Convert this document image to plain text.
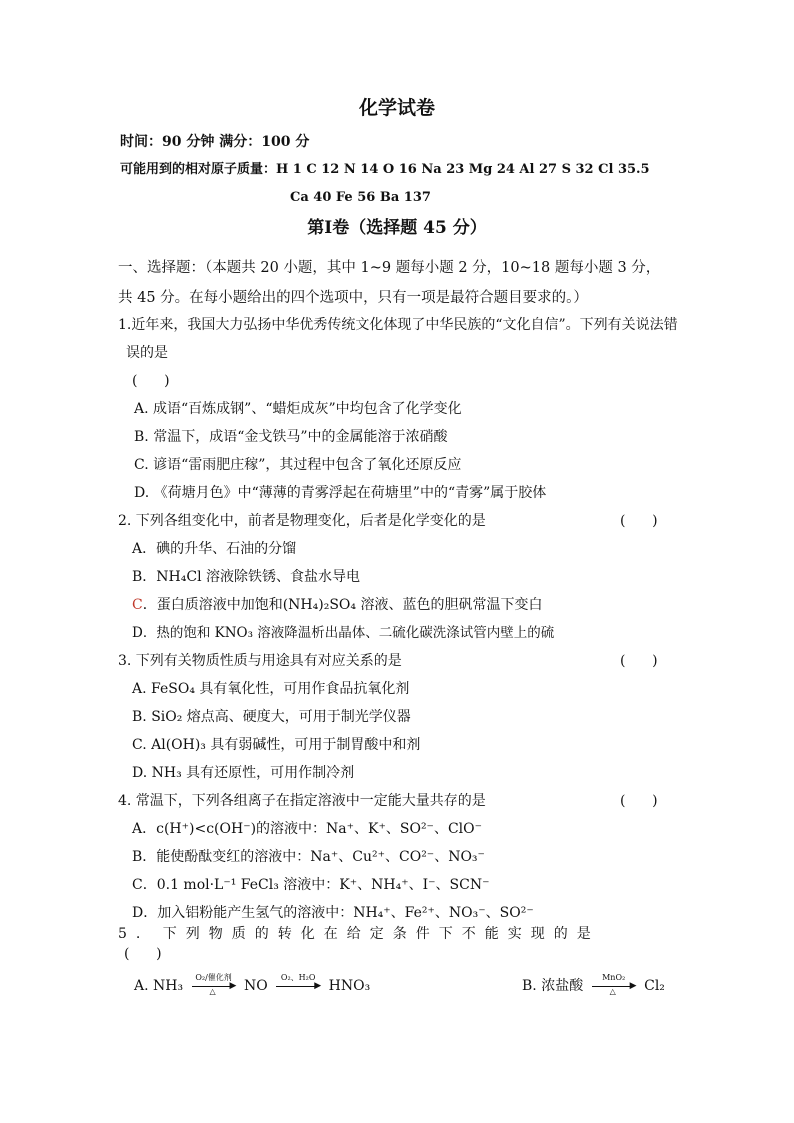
化学试卷
时间：90 分钟 满分：100 分
可能用到的相对原子质量：H 1 C 12 N 14 O 16 Na 23 Mg 24 Al 27 S 32 Cl 35.5
Ca 40 Fe 56 Ba 137
第Ⅰ卷（选择题 45 分）
一、选择题：（本题共 20 小题，其中 1~9 题每小题 2 分，10~18 题每小题 3 分，
共 45 分。在每小题给出的四个选项中，只有一项是最符合题目要求的。）
1.近年来，我国大力弘扬中华优秀传统文化体现了中华民族的“文化自信”。下列有关说法错
误的是
(      )
A. 成语“百炼成钢”、“蜡炬成灰”中均包含了化学变化
B. 常温下，成语“金戈铁马”中的金属能溶于浓硝酸
C. 谚语“雷雨肥庄稼”，其过程中包含了氧化还原反应
D. 《荷塘月色》中“薄薄的青雾浮起在荷塘里”中的“青雾”属于胶体
2. 下列各组变化中，前者是物理变化，后者是化学变化的是	(      )
A．碘的升华、石油的分馏
B．NH₄Cl 溶液除铁锈、食盐水导电
C．蛋白质溶液中加饱和(NH₄)₂SO₄ 溶液、蓝色的胆矾常温下变白
D．热的饱和 KNO₃ 溶液降温析出晶体、二硫化碳洗涤试管内壁上的硫
3. 下列有关物质性质与用途具有对应关系的是	(      )
A. FeSO₄ 具有氧化性，可用作食品抗氧化剂
B. SiO₂ 熔点高、硬度大，可用于制光学仪器
C. Al(OH)₃ 具有弱碱性，可用于制胃酸中和剂
D. NH₃ 具有还原性，可用作制冷剂
4. 常温下，下列各组离子在指定溶液中一定能大量共存的是	(      )
A．c(H⁺)<c(OH⁻)的溶液中：Na⁺、K⁺、SO²⁻、ClO⁻
B．能使酚酞变红的溶液中：Na⁺、Cu²⁺、CO²⁻、NO₃⁻
C．0.1 mol·L⁻¹ FeCl₃ 溶液中：K⁺、NH₄⁺、I⁻、SCN⁻
D．加入铝粉能产生氢气的溶液中：NH₄⁺、Fe²⁺、NO₃⁻、SO²⁻
5. 下列物质的转化在给定条件下不能实现的是
(      )
A. NH₃
O₂/催化剂
▶
△	NO
O₂、H₂O
▶ HNO₃	B. 浓盐酸
MnO₂
▶
△	Cl₂
